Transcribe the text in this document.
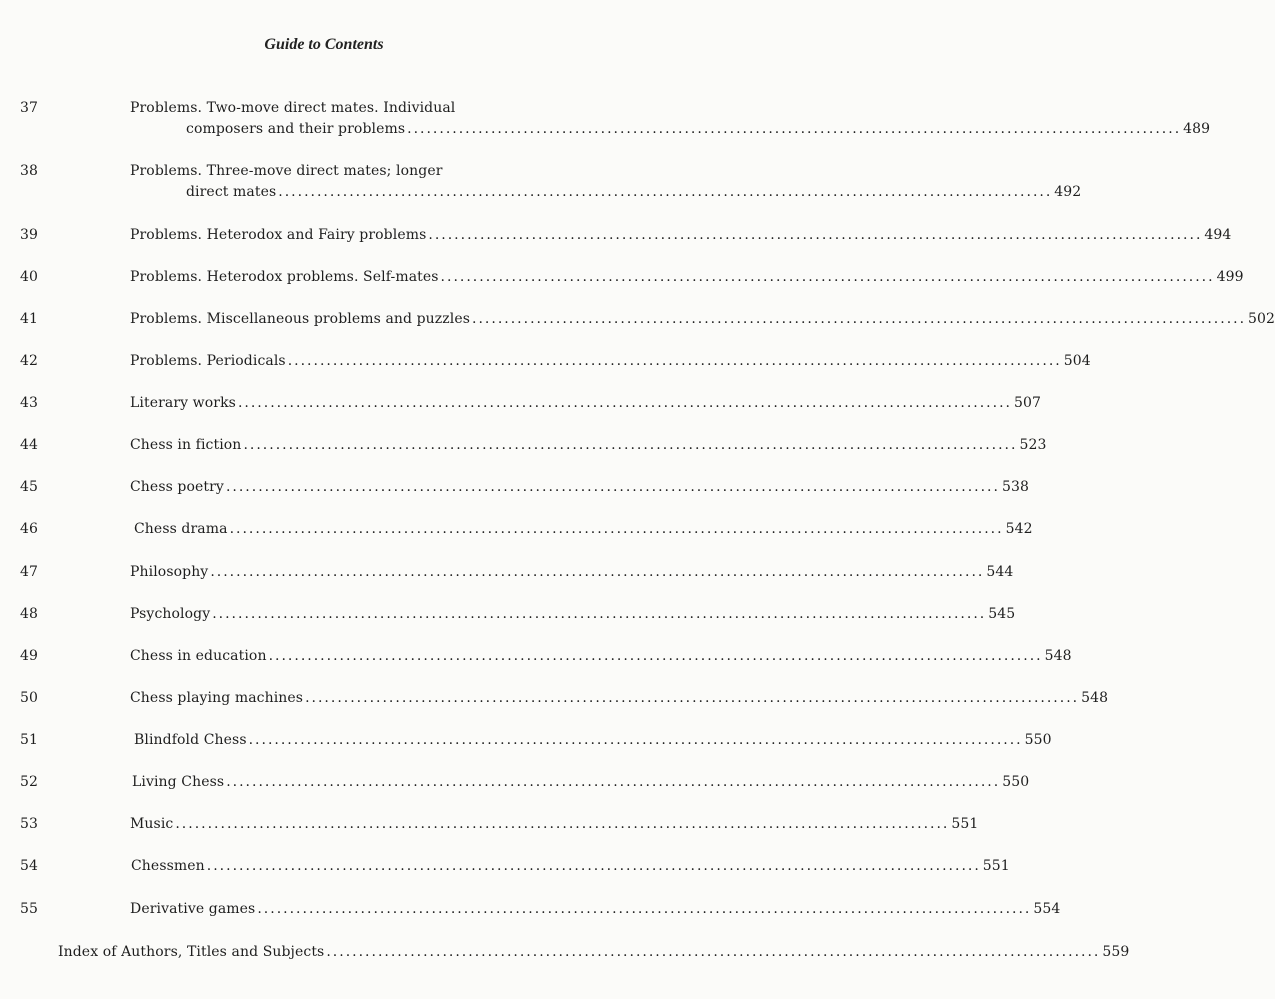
Guide to Contents
37	Problems. Two-move direct mates. Individual
composers and their problems ........................................................................................................................ 489
38	Problems. Three-move direct mates; longer
direct mates ........................................................................................................................ 492
39	Problems. Heterodox and Fairy problems ........................................................................................................................ 494
40	Problems. Heterodox problems. Self-mates ........................................................................................................................ 499
41	Problems. Miscellaneous problems and puzzles ........................................................................................................................ 502
42	Problems. Periodicals ........................................................................................................................ 504
43	Literary works ........................................................................................................................ 507
44	Chess in fiction ........................................................................................................................ 523
45	Chess poetry ........................................................................................................................ 538
46	Chess drama ........................................................................................................................ 542
47	Philosophy ........................................................................................................................ 544
48	Psychology ........................................................................................................................ 545
49	Chess in education ........................................................................................................................ 548
50	Chess playing machines ........................................................................................................................ 548
51	Blindfold Chess ........................................................................................................................ 550
52	Living Chess ........................................................................................................................ 550
53	Music ........................................................................................................................ 551
54	Chessmen ........................................................................................................................ 551
55	Derivative games ........................................................................................................................ 554
Index of Authors, Titles and Subjects ........................................................................................................................ 559
